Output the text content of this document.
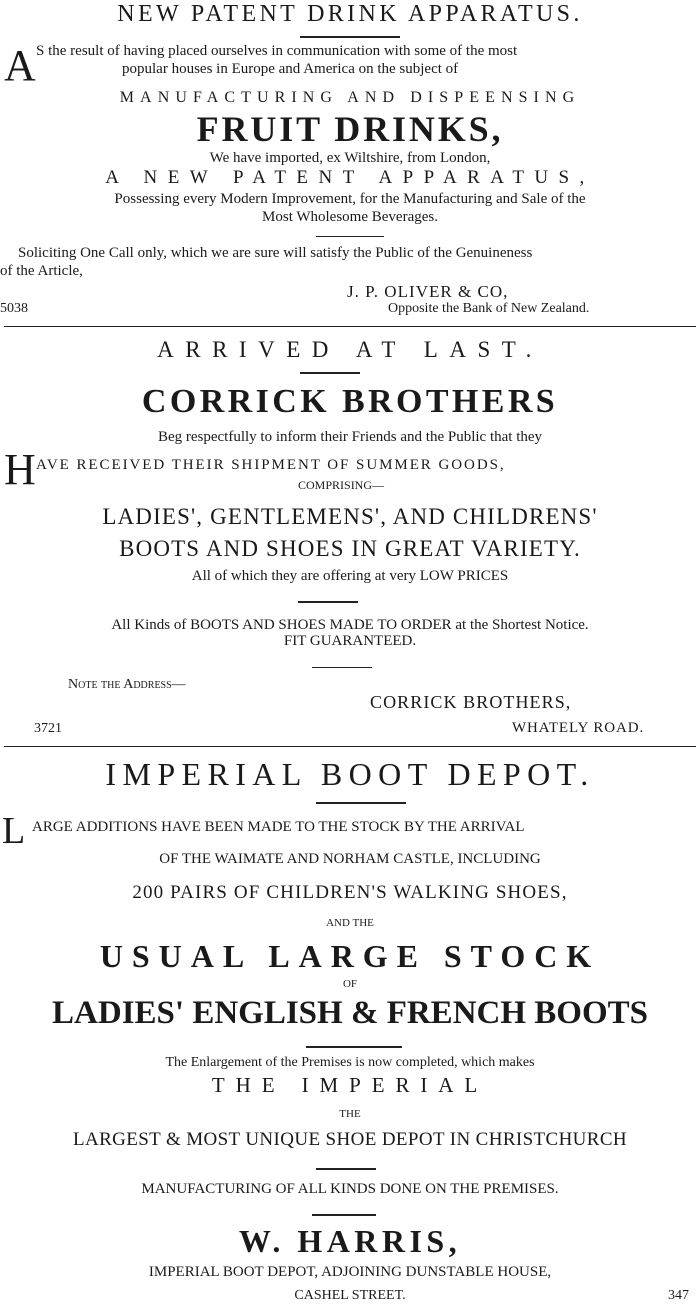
NEW PATENT DRINK APPARATUS.
A S the result of having placed ourselves in communication with some of the most
popular houses in Europe and America on the subject of
MANUFACTURING AND DISPEENSING
FRUIT DRINKS,
We have imported, ex Wiltshire, from London,
A NEW PATENT APPARATUS,
Possessing every Modern Improvement, for the Manufacturing and Sale of the
Most Wholesome Beverages.
Soliciting One Call only, which we are sure will satisfy the Public of the Genuineness
of the Article,
J. P. OLIVER & CO,
5038	Opposite the Bank of New Zealand.
ARRIVED AT LAST.
CORRICK BROTHERS
Beg respectfully to inform their Friends and the Public that they
H AVE RECEIVED THEIR SHIPMENT OF SUMMER GOODS,
COMPRISING—
LADIES', GENTLEMENS', AND CHILDRENS'
BOOTS AND SHOES IN GREAT VARIETY.
All of which they are offering at very LOW PRICES
All Kinds of BOOTS AND SHOES MADE TO ORDER at the Shortest Notice.
FIT GUARANTEED.
Note the Address—
CORRICK BROTHERS,
3721	WHATELY ROAD.
IMPERIAL BOOT DEPOT.
L ARGE ADDITIONS HAVE BEEN MADE TO THE STOCK BY THE ARRIVAL
OF THE WAIMATE AND NORHAM CASTLE, INCLUDING
200 PAIRS OF CHILDREN'S WALKING SHOES,
AND THE
USUAL LARGE STOCK
OF
LADIES' ENGLISH & FRENCH BOOTS
The Enlargement of the Premises is now completed, which makes
THE IMPERIAL
THE
LARGEST & MOST UNIQUE SHOE DEPOT IN CHRISTCHURCH
MANUFACTURING OF ALL KINDS DONE ON THE PREMISES.
W. HARRIS,
IMPERIAL BOOT DEPOT, ADJOINING DUNSTABLE HOUSE,
CASHEL STREET.	347
